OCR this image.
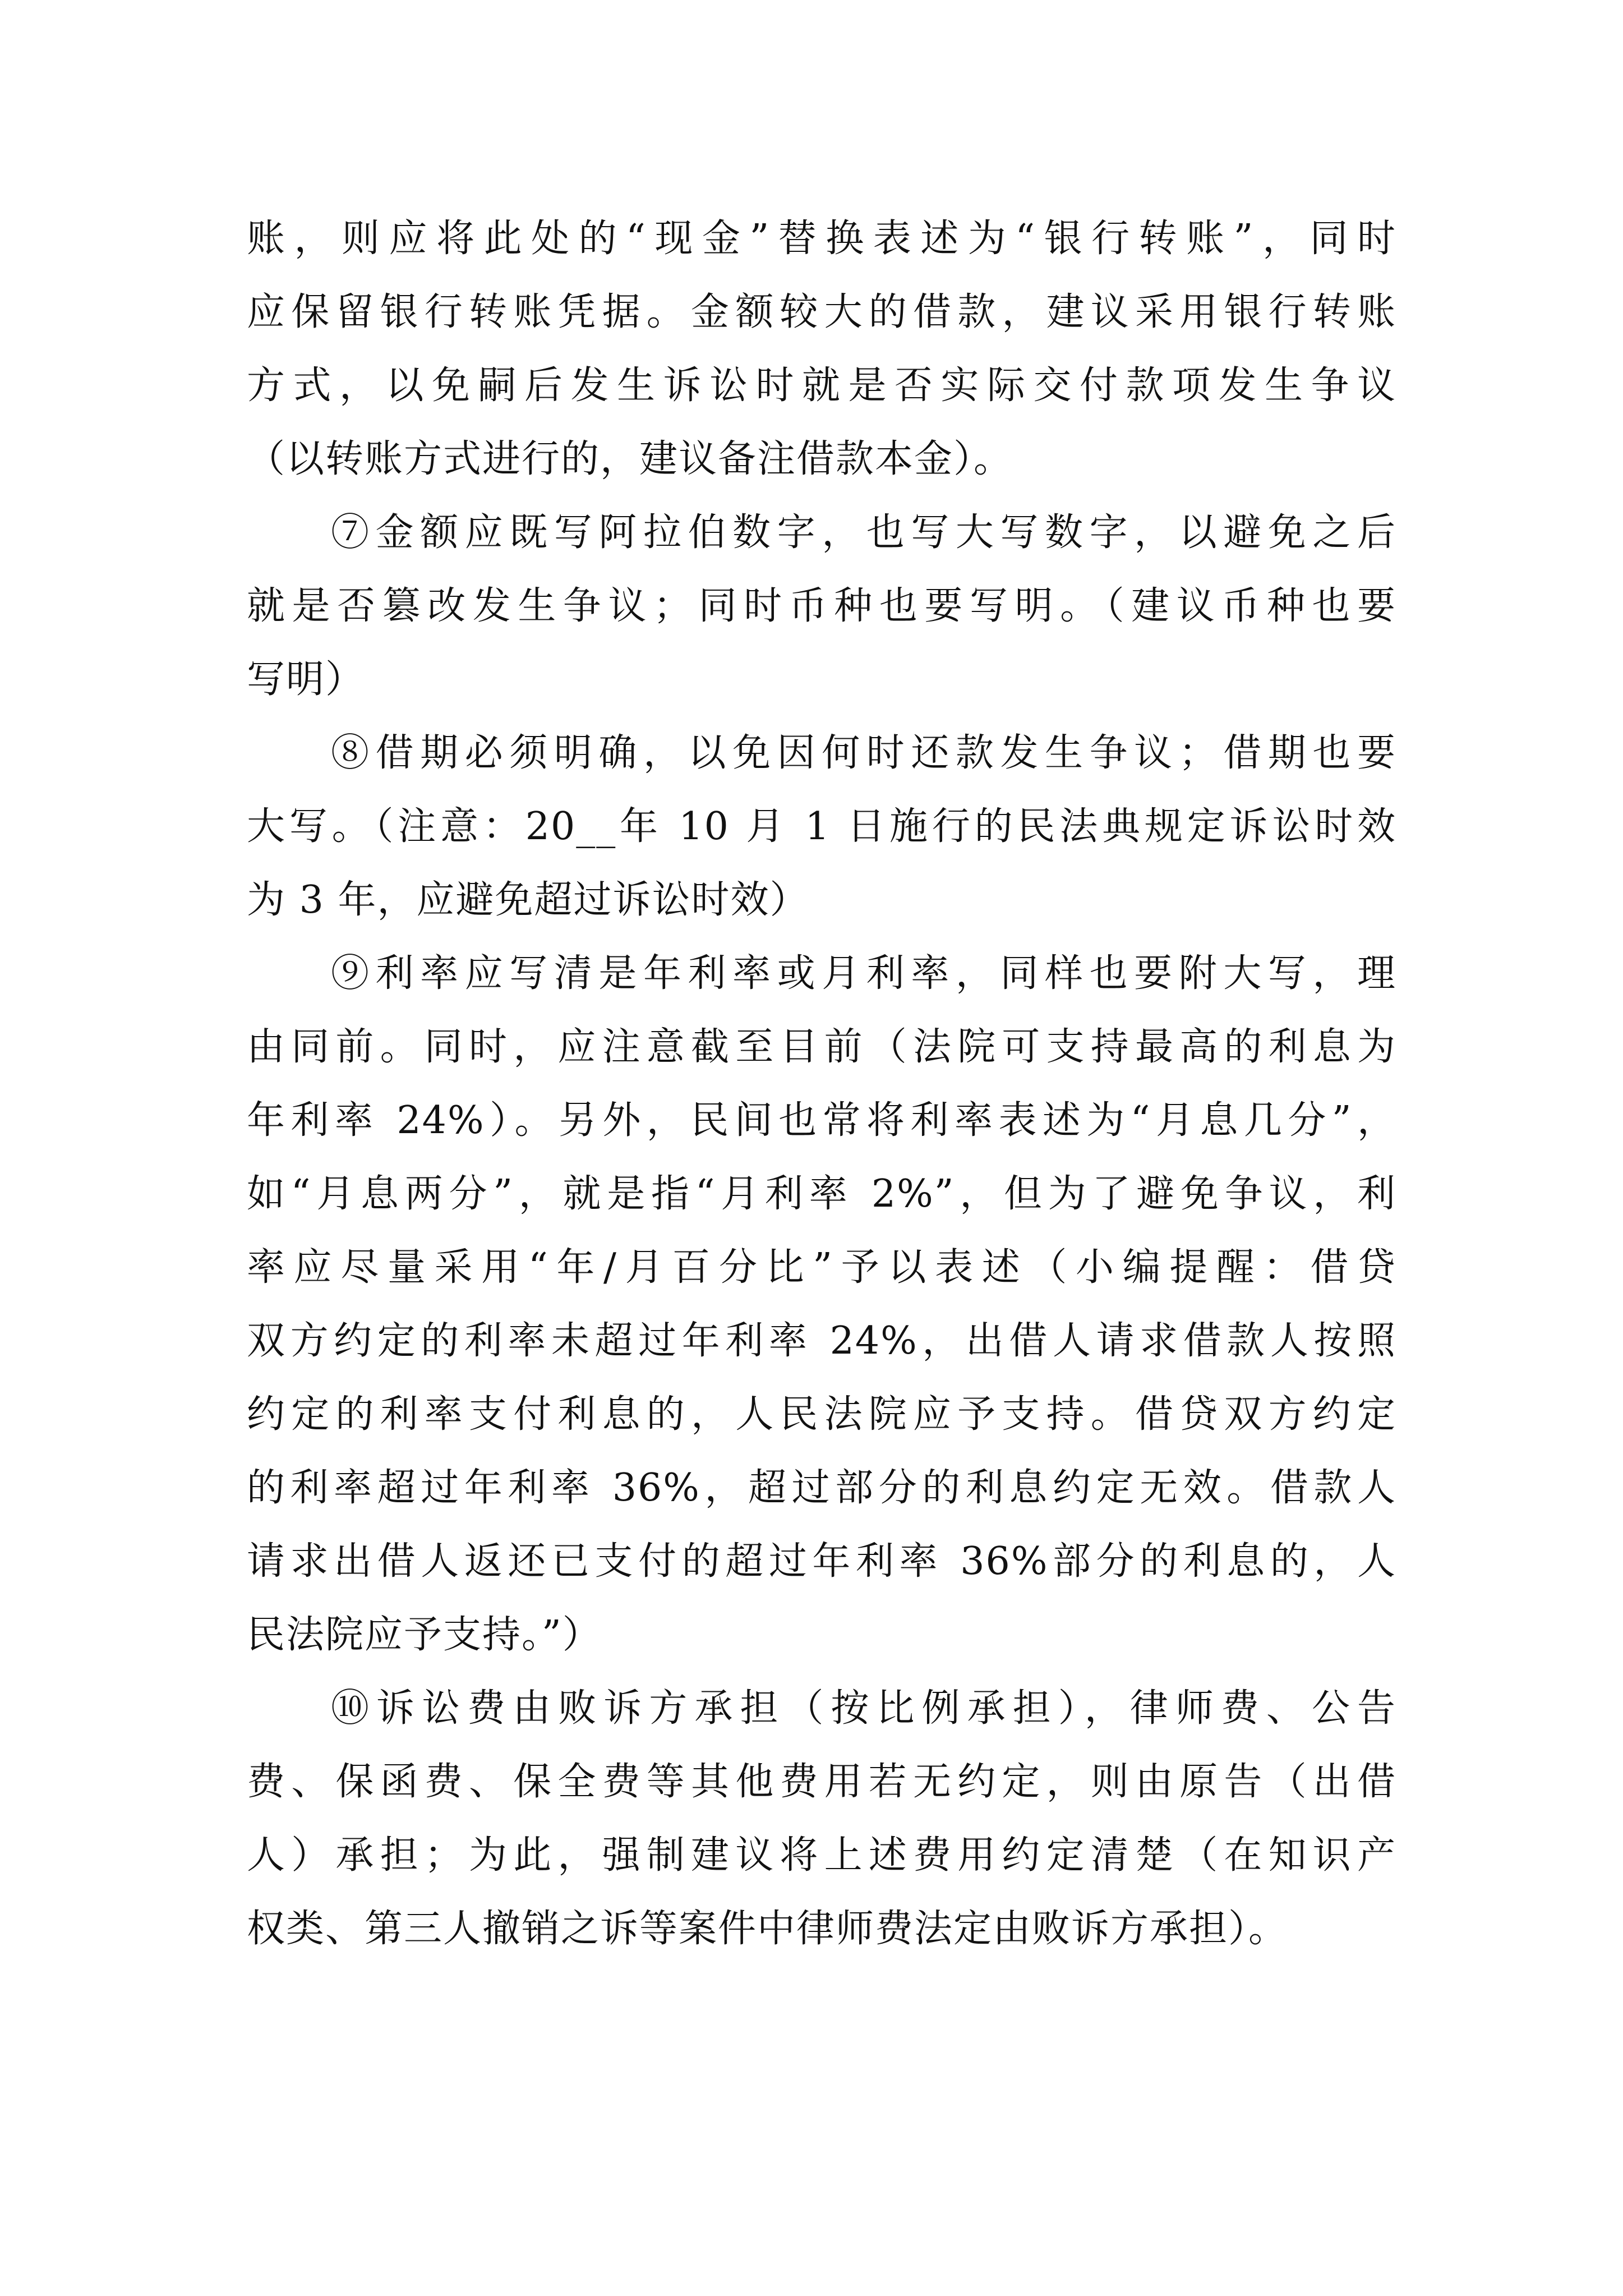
账，则应将此处的“现金”替换表述为“银行转账”，同时
应保留银行转账凭据。金额较大的借款，建议采用银行转账
方式，以免嗣后发生诉讼时就是否实际交付款项发生争议
（以转账方式进行的，建议备注借款本金）。
⑦金额应既写阿拉伯数字，也写大写数字，以避免之后
就是否篡改发生争议；同时币种也要写明。（建议币种也要
写明）
⑧借期必须明确，以免因何时还款发生争议；借期也要
大写。（注意：20__年 10 月 1 日施行的民法典规定诉讼时效
为 3 年，应避免超过诉讼时效）
⑨利率应写清是年利率或月利率，同样也要附大写，理
由同前。同时，应注意截至目前（法院可支持最高的利息为
年利率 24%）。另外，民间也常将利率表述为“月息几分”，
如“月息两分”，就是指“月利率 2%”，但为了避免争议，利
率应尽量采用“年/月百分比”予以表述（小编提醒：借贷
双方约定的利率未超过年利率 24%，出借人请求借款人按照
约定的利率支付利息的，人民法院应予支持。借贷双方约定
的利率超过年利率 36%，超过部分的利息约定无效。借款人
请求出借人返还已支付的超过年利率 36%部分的利息的，人
民法院应予支持。”）
⑩诉讼费由败诉方承担（按比例承担），律师费、公告
费、保函费、保全费等其他费用若无约定，则由原告（出借
人）承担；为此，强制建议将上述费用约定清楚（在知识产
权类、第三人撤销之诉等案件中律师费法定由败诉方承担）。
